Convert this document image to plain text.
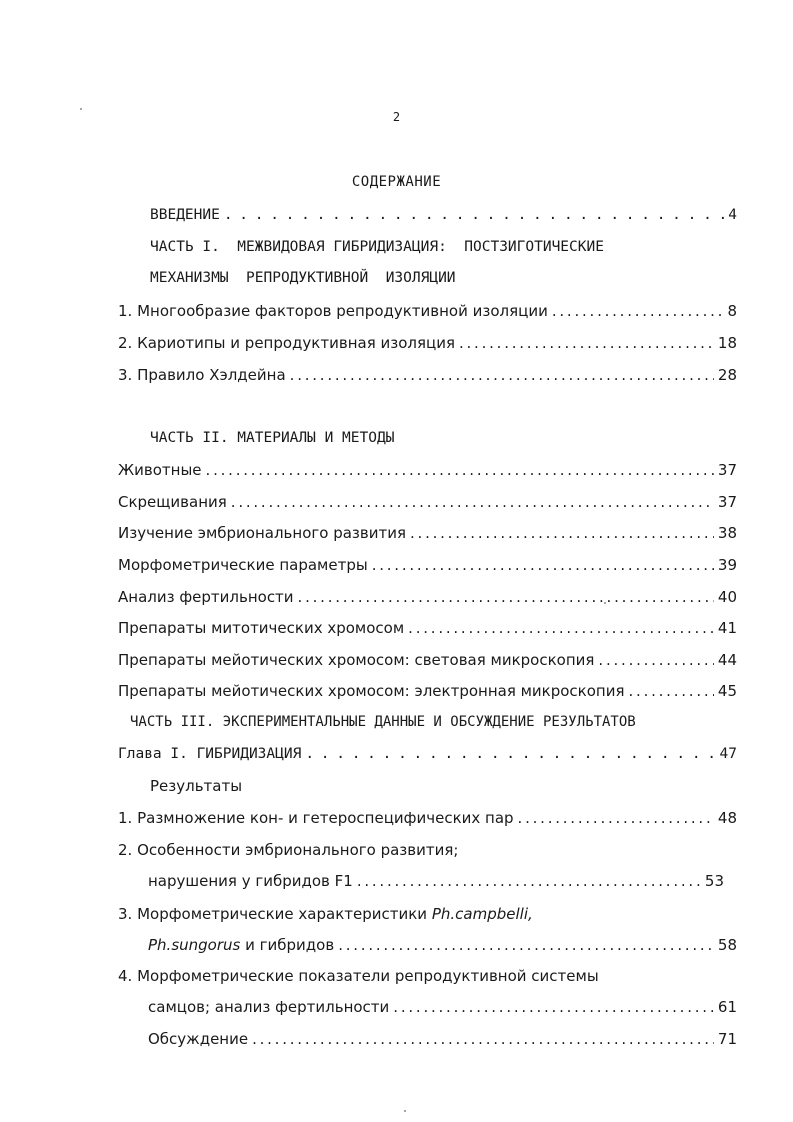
2
СОДЕРЖАНИЕ
ВВЕДЕНИЕ . . .	4
ЧАСТЬ I.  МЕЖВИДОВАЯ ГИБРИДИЗАЦИЯ:  ПОСТЗИГОТИЧЕСКИЕ
МЕХАНИЗМЫ  РЕПРОДУКТИВНОЙ  ИЗОЛЯЦИИ
1.
Многообразие факторов репродуктивной изоляции . . .	8
2.
Кариотипы и репродуктивная изоляция . . .	18
3.
Правило Хэлдейна . . .	28
ЧАСТЬ II. МАТЕРИАЛЫ И МЕТОДЫ
Животные . . .	37
Скрещивания . . .	37
Изучение эмбрионального развития . . .	38
Морфометрические параметры . . .	39
Анализ фертильности . . .	40
Препараты митотических хромосом . . .	41
Препараты мейотических хромосом: световая микроскопия . . .	44
Препараты мейотических хромосом: электронная микроскопия . . .	45
ЧАСТЬ III. ЭКСПЕРИМЕНТАЛЬНЫЕ ДАННЫЕ И ОБСУЖДЕНИЕ РЕЗУЛЬТАТОВ
Глава I. ГИБРИДИЗАЦИЯ . . .	47
Результаты
1.
Размножение кон- и гетероспецифических пар . . .	48
2. Особенности эмбрионального развития;
нарушения у гибридов F1 . . .	53
3. Морфометрические характеристики Ph.campbelli,
Ph.sungorus
и гибридов . . .	58
4. Морфометрические показатели репродуктивной системы
самцов; анализ фертильности . . .	61
Обсуждение . . .	71
